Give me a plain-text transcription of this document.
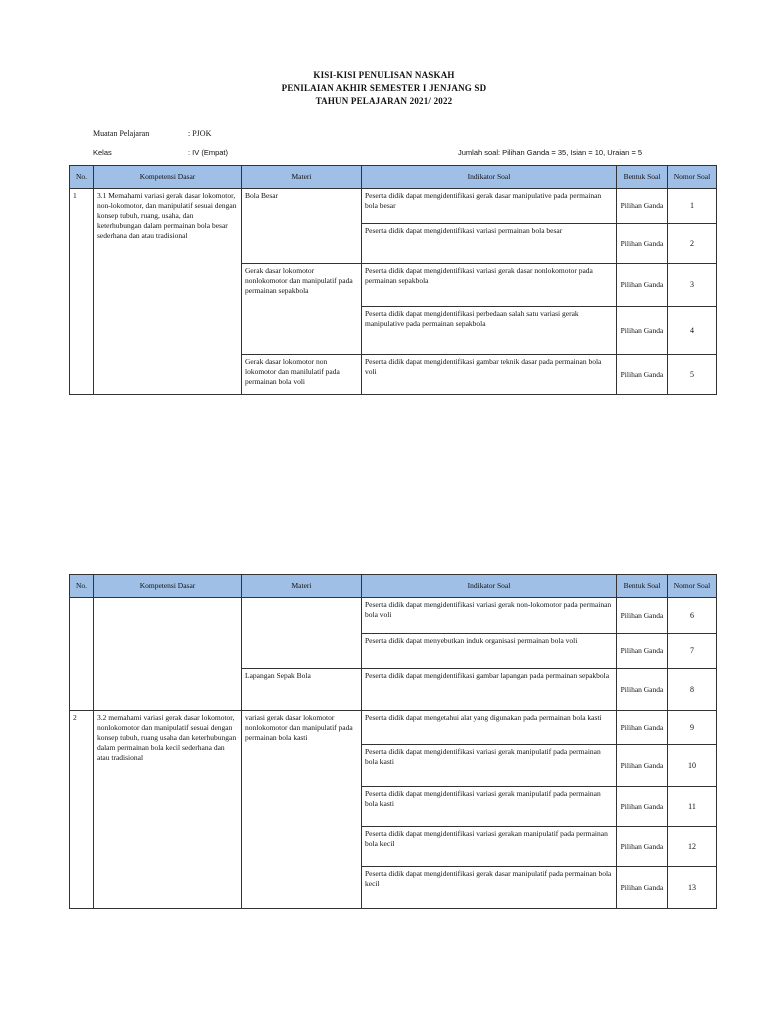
KISI-KISI PENULISAN NASKAH
PENILAIAN AKHIR SEMESTER I JENJANG SD
TAHUN PELAJARAN 2021/ 2022
Muatan Pelajaran	: PJOK
Kelas	: IV (Empat)	Jumlah soal: Pilihan Ganda = 35, Isian = 10, Uraian = 5
No.	Kompetensi Dasar	Materi	Indikator Soal	Bentuk Soal	Nomor Soal
1	3.1 Memahami variasi gerak dasar lokomotor, non-lokomotor, dan manipulatif sesuai dengan konsep tubuh, ruang, usaha, dan keterhubungan dalam permainan bola besar sederhana dan atau tradisional	Bola Besar	Peserta didik dapat mengidentifikasi gerak dasar manipulative pada permainan bola besar	Pilihan Ganda	1
			Peserta didik dapat mengidentifikasi variasi permainan bola besar	Pilihan Ganda	2
		Gerak dasar lokomotor nonlokomotor dan manipulatif pada permainan sepakbola	Peserta didik dapat mengidentifikasi variasi gerak dasar nonlokomotor pada permainan sepakbola	Pilihan Ganda	3
			Peserta didik dapat mengidentifikasi perbedaan salah satu variasi gerak manipulative pada permainan sepakbola	Pilihan Ganda	4
		Gerak dasar lokomotor non lokomotor dan manilulatif pada permainan bola voli	Peserta didik dapat mengidentifikasi gambar teknik dasar pada permainan bola voli	Pilihan Ganda	5
No.	Kompetensi Dasar	Materi	Indikator Soal	Bentuk Soal	Nomor Soal
			Peserta didik dapat mengidentifikasi variasi gerak non-lokomotor pada permainan bola voli	Pilihan Ganda	6
			Peserta didik dapat menyebutkan induk organisasi permainan bola voli	Pilihan Ganda	7
		Lapangan Sepak Bola	Peserta didik dapat mengidentifikasi gambar lapangan pada permainan sepakbola	Pilihan Ganda	8
2	3.2 memahami variasi gerak dasar lokomotor, nonlokomotor dan manipulatif sesuai dengan konsep tubuh, ruang usaha dan keterhubungan dalam permainan bola kecil sederhana dan atau tradisional	variasi gerak dasar lokomotor nonlokomotor dan manipulatif pada permainan bola kasti	Peserta didik dapat mengetahui alat yang digunakan pada permainan bola kasti	Pilihan Ganda	9
			Peserta didik dapat mengidentifikasi variasi gerak manipulatif pada permainan bola kasti	Pilihan Ganda	10
			Peserta didik dapat mengidentifikasi variasi gerak manipulatif pada permainan bola kasti	Pilihan Ganda	11
			Peserta didik dapat mengidentifikasi variasi gerakan manipulatif pada permainan bola kecil	Pilihan Ganda	12
			Peserta didik dapat mengidentifikasi gerak dasar manipulatif pada permainan bola kecil	Pilihan Ganda	13
